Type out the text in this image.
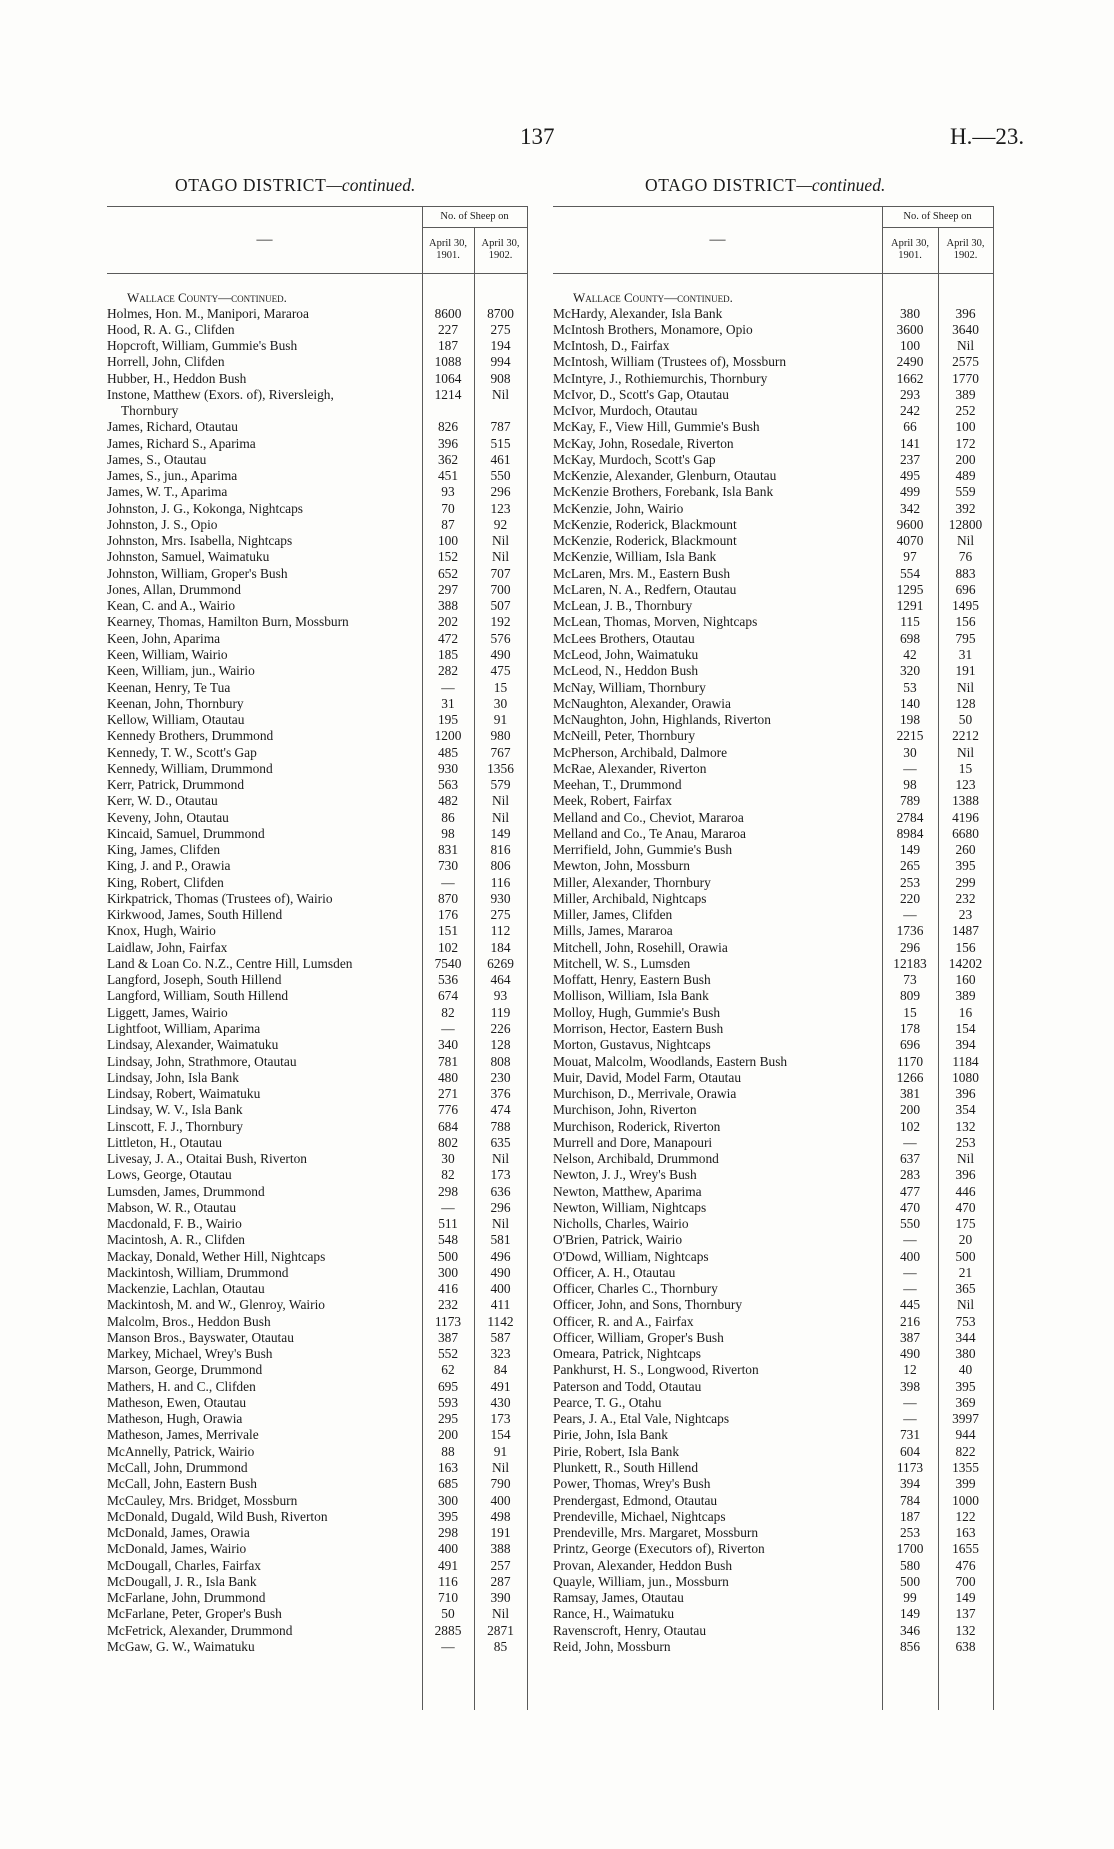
137	H.—23.
OTAGO DISTRICT—continued.
—
No. of Sheep on
April 30, 1901.
April 30, 1902.
Wallace County—continued.
Holmes, Hon. M., Manipori, Mararoa	8600	8700
Hood, R. A. G., Clifden	227	275
Hopcroft, William, Gummie's Bush	187	194
Horrell, John, Clifden	1088	994
Hubber, H., Heddon Bush	1064	908
Instone, Matthew (Exors. of), Riversleigh,
Thornbury
1214	Nil
James, Richard, Otautau	826	787
James, Richard S., Aparima	396	515
James, S., Otautau	362	461
James, S., jun., Aparima	451	550
James, W. T., Aparima	93	296
Johnston, J. G., Kokonga, Nightcaps	70	123
Johnston, J. S., Opio	87	92
Johnston, Mrs. Isabella, Nightcaps	100	Nil
Johnston, Samuel, Waimatuku	152	Nil
Johnston, William, Groper's Bush	652	707
Jones, Allan, Drummond	297	700
Kean, C. and A., Wairio	388	507
Kearney, Thomas, Hamilton Burn, Mossburn	202	192
Keen, John, Aparima	472	576
Keen, William, Wairio	185	490
Keen, William, jun., Wairio	282	475
Keenan, Henry, Te Tua	—	15
Keenan, John, Thornbury	31	30
Kellow, William, Otautau	195	91
Kennedy Brothers, Drummond	1200	980
Kennedy, T. W., Scott's Gap	485	767
Kennedy, William, Drummond	930	1356
Kerr, Patrick, Drummond	563	579
Kerr, W. D., Otautau	482	Nil
Keveny, John, Otautau	86	Nil
Kincaid, Samuel, Drummond	98	149
King, James, Clifden	831	816
King, J. and P., Orawia	730	806
King, Robert, Clifden	—	116
Kirkpatrick, Thomas (Trustees of), Wairio	870	930
Kirkwood, James, South Hillend	176	275
Knox, Hugh, Wairio	151	112
Laidlaw, John, Fairfax	102	184
Land & Loan Co. N.Z., Centre Hill, Lumsden	7540	6269
Langford, Joseph, South Hillend	536	464
Langford, William, South Hillend	674	93
Liggett, James, Wairio	82	119
Lightfoot, William, Aparima	—	226
Lindsay, Alexander, Waimatuku	340	128
Lindsay, John, Strathmore, Otautau	781	808
Lindsay, John, Isla Bank	480	230
Lindsay, Robert, Waimatuku	271	376
Lindsay, W. V., Isla Bank	776	474
Linscott, F. J., Thornbury	684	788
Littleton, H., Otautau	802	635
Livesay, J. A., Otaitai Bush, Riverton	30	Nil
Lows, George, Otautau	82	173
Lumsden, James, Drummond	298	636
Mabson, W. R., Otautau	—	296
Macdonald, F. B., Wairio	511	Nil
Macintosh, A. R., Clifden	548	581
Mackay, Donald, Wether Hill, Nightcaps	500	496
Mackintosh, William, Drummond	300	490
Mackenzie, Lachlan, Otautau	416	400
Mackintosh, M. and W., Glenroy, Wairio	232	411
Malcolm, Bros., Heddon Bush	1173	1142
Manson Bros., Bayswater, Otautau	387	587
Markey, Michael, Wrey's Bush	552	323
Marson, George, Drummond	62	84
Mathers, H. and C., Clifden	695	491
Matheson, Ewen, Otautau	593	430
Matheson, Hugh, Orawia	295	173
Matheson, James, Merrivale	200	154
McAnnelly, Patrick, Wairio	88	91
McCall, John, Drummond	163	Nil
McCall, John, Eastern Bush	685	790
McCauley, Mrs. Bridget, Mossburn	300	400
McDonald, Dugald, Wild Bush, Riverton	395	498
McDonald, James, Orawia	298	191
McDonald, James, Wairio	400	388
McDougall, Charles, Fairfax	491	257
McDougall, J. R., Isla Bank	116	287
McFarlane, John, Drummond	710	390
McFarlane, Peter, Groper's Bush	50	Nil
McFetrick, Alexander, Drummond	2885	2871
McGaw, G. W., Waimatuku	—	85
OTAGO DISTRICT—continued.
—
No. of Sheep on
April 30, 1901.
April 30, 1902.
Wallace County—continued.
McHardy, Alexander, Isla Bank	380	396
McIntosh Brothers, Monamore, Opio	3600	3640
McIntosh, D., Fairfax	100	Nil
McIntosh, William (Trustees of), Mossburn	2490	2575
McIntyre, J., Rothiemurchis, Thornbury	1662	1770
McIvor, D., Scott's Gap, Otautau	293	389
McIvor, Murdoch, Otautau	242	252
McKay, F., View Hill, Gummie's Bush	66	100
McKay, John, Rosedale, Riverton	141	172
McKay, Murdoch, Scott's Gap	237	200
McKenzie, Alexander, Glenburn, Otautau	495	489
McKenzie Brothers, Forebank, Isla Bank	499	559
McKenzie, John, Wairio	342	392
McKenzie, Roderick, Blackmount	9600	12800
McKenzie, Roderick, Blackmount	4070	Nil
McKenzie, William, Isla Bank	97	76
McLaren, Mrs. M., Eastern Bush	554	883
McLaren, N. A., Redfern, Otautau	1295	696
McLean, J. B., Thornbury	1291	1495
McLean, Thomas, Morven, Nightcaps	115	156
McLees Brothers, Otautau	698	795
McLeod, John, Waimatuku	42	31
McLeod, N., Heddon Bush	320	191
McNay, William, Thornbury	53	Nil
McNaughton, Alexander, Orawia	140	128
McNaughton, John, Highlands, Riverton	198	50
McNeill, Peter, Thornbury	2215	2212
McPherson, Archibald, Dalmore	30	Nil
McRae, Alexander, Riverton	—	15
Meehan, T., Drummond	98	123
Meek, Robert, Fairfax	789	1388
Melland and Co., Cheviot, Mararoa	2784	4196
Melland and Co., Te Anau, Mararoa	8984	6680
Merrifield, John, Gummie's Bush	149	260
Mewton, John, Mossburn	265	395
Miller, Alexander, Thornbury	253	299
Miller, Archibald, Nightcaps	220	232
Miller, James, Clifden	—	23
Mills, James, Mararoa	1736	1487
Mitchell, John, Rosehill, Orawia	296	156
Mitchell, W. S., Lumsden	12183	14202
Moffatt, Henry, Eastern Bush	73	160
Mollison, William, Isla Bank	809	389
Molloy, Hugh, Gummie's Bush	15	16
Morrison, Hector, Eastern Bush	178	154
Morton, Gustavus, Nightcaps	696	394
Mouat, Malcolm, Woodlands, Eastern Bush	1170	1184
Muir, David, Model Farm, Otautau	1266	1080
Murchison, D., Merrivale, Orawia	381	396
Murchison, John, Riverton	200	354
Murchison, Roderick, Riverton	102	132
Murrell and Dore, Manapouri	—	253
Nelson, Archibald, Drummond	637	Nil
Newton, J. J., Wrey's Bush	283	396
Newton, Matthew, Aparima	477	446
Newton, William, Nightcaps	470	470
Nicholls, Charles, Wairio	550	175
O'Brien, Patrick, Wairio	—	20
O'Dowd, William, Nightcaps	400	500
Officer, A. H., Otautau	—	21
Officer, Charles C., Thornbury	—	365
Officer, John, and Sons, Thornbury	445	Nil
Officer, R. and A., Fairfax	216	753
Officer, William, Groper's Bush	387	344
Omeara, Patrick, Nightcaps	490	380
Pankhurst, H. S., Longwood, Riverton	12	40
Paterson and Todd, Otautau	398	395
Pearce, T. G., Otahu	—	369
Pears, J. A., Etal Vale, Nightcaps	—	3997
Pirie, John, Isla Bank	731	944
Pirie, Robert, Isla Bank	604	822
Plunkett, R., South Hillend	1173	1355
Power, Thomas, Wrey's Bush	394	399
Prendergast, Edmond, Otautau	784	1000
Prendeville, Michael, Nightcaps	187	122
Prendeville, Mrs. Margaret, Mossburn	253	163
Printz, George (Executors of), Riverton	1700	1655
Provan, Alexander, Heddon Bush	580	476
Quayle, William, jun., Mossburn	500	700
Ramsay, James, Otautau	99	149
Rance, H., Waimatuku	149	137
Ravenscroft, Henry, Otautau	346	132
Reid, John, Mossburn	856	638
